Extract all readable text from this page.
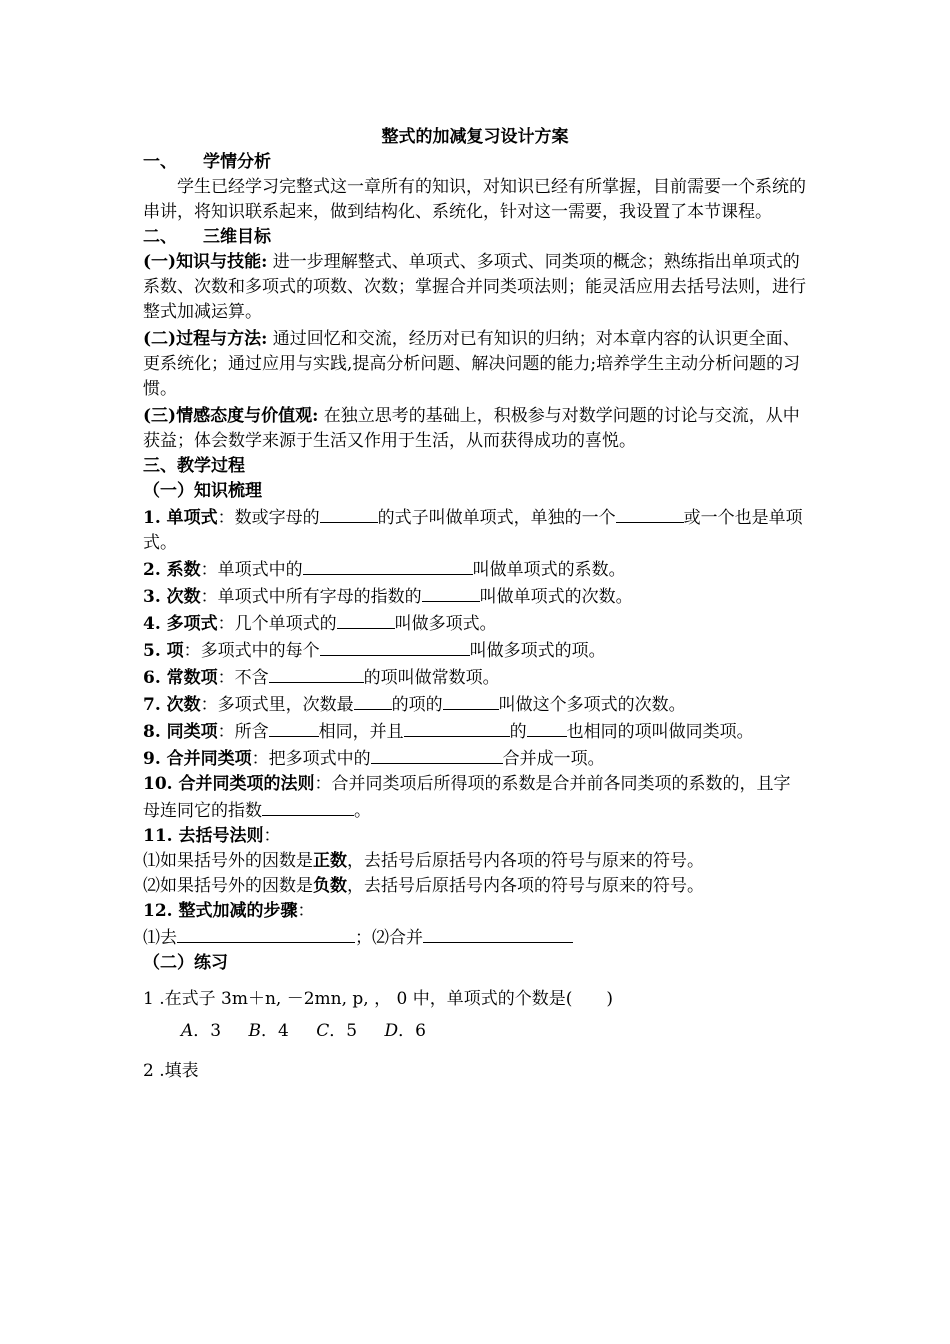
整式的加减复习设计方案

一、 学情分析

学生已经学习完整式这一章所有的知识，对知识已经有所掌握，目前需要一个系统的串讲，将知识联系起来，做到结构化、系统化，针对这一需要，我设置了本节课程。

二、 三维目标

(一)知识与技能: 进一步理解整式、单项式、多项式、同类项的概念；熟练指出单项式的系数、次数和多项式的项数、次数；掌握合并同类项法则；能灵活应用去括号法则，进行整式加减运算。

(二)过程与方法: 通过回忆和交流，经历对已有知识的归纳；对本章内容的认识更全面、更系统化；通过应用与实践,提高分析问题、解决问题的能力;培养学生主动分析问题的习惯。

(三)情感态度与价值观: 在独立思考的基础上，积极参与对数学问题的讨论与交流，从中获益；体会数学来源于生活又作用于生活，从而获得成功的喜悦。

三、教学过程

（一）知识梳理

1. 单项式：数或字母的	的式子叫做单项式，单独的一个	或一个也是单项式。

2. 系数：单项式中的	叫做单项式的系数。

3. 次数：单项式中所有字母的指数的	叫做单项式的次数。

4. 多项式：几个单项式的	叫做多项式。

5. 项：多项式中的每个	叫做多项式的项。

6. 常数项：不含	的项叫做常数项。

7. 次数：多项式里，次数最 的项的	叫做这个多项式的次数。

8. 同类项：所含	相同，并且	的 也相同的项叫做同类项。

9. 合并同类项：把多项式中的	合并成一项。

10. 合并同类项的法则：合并同类项后所得项的系数是合并前各同类项的系数的，且字母连同它的指数	。

11. 去括号法则：

⑴如果括号外的因数是正数，去括号后原括号内各项的符号与原来的符号。

⑵如果括号外的因数是负数，去括号后原括号内各项的符号与原来的符号。

12. 整式加减的步骤：

⑴去	；⑵合并

（二）练习

1 .在式子 3m＋n, －2mn, p, ， 0 中，单项式的个数是(　　)

A．3 B．4 C．5 D．6

2 .填表
